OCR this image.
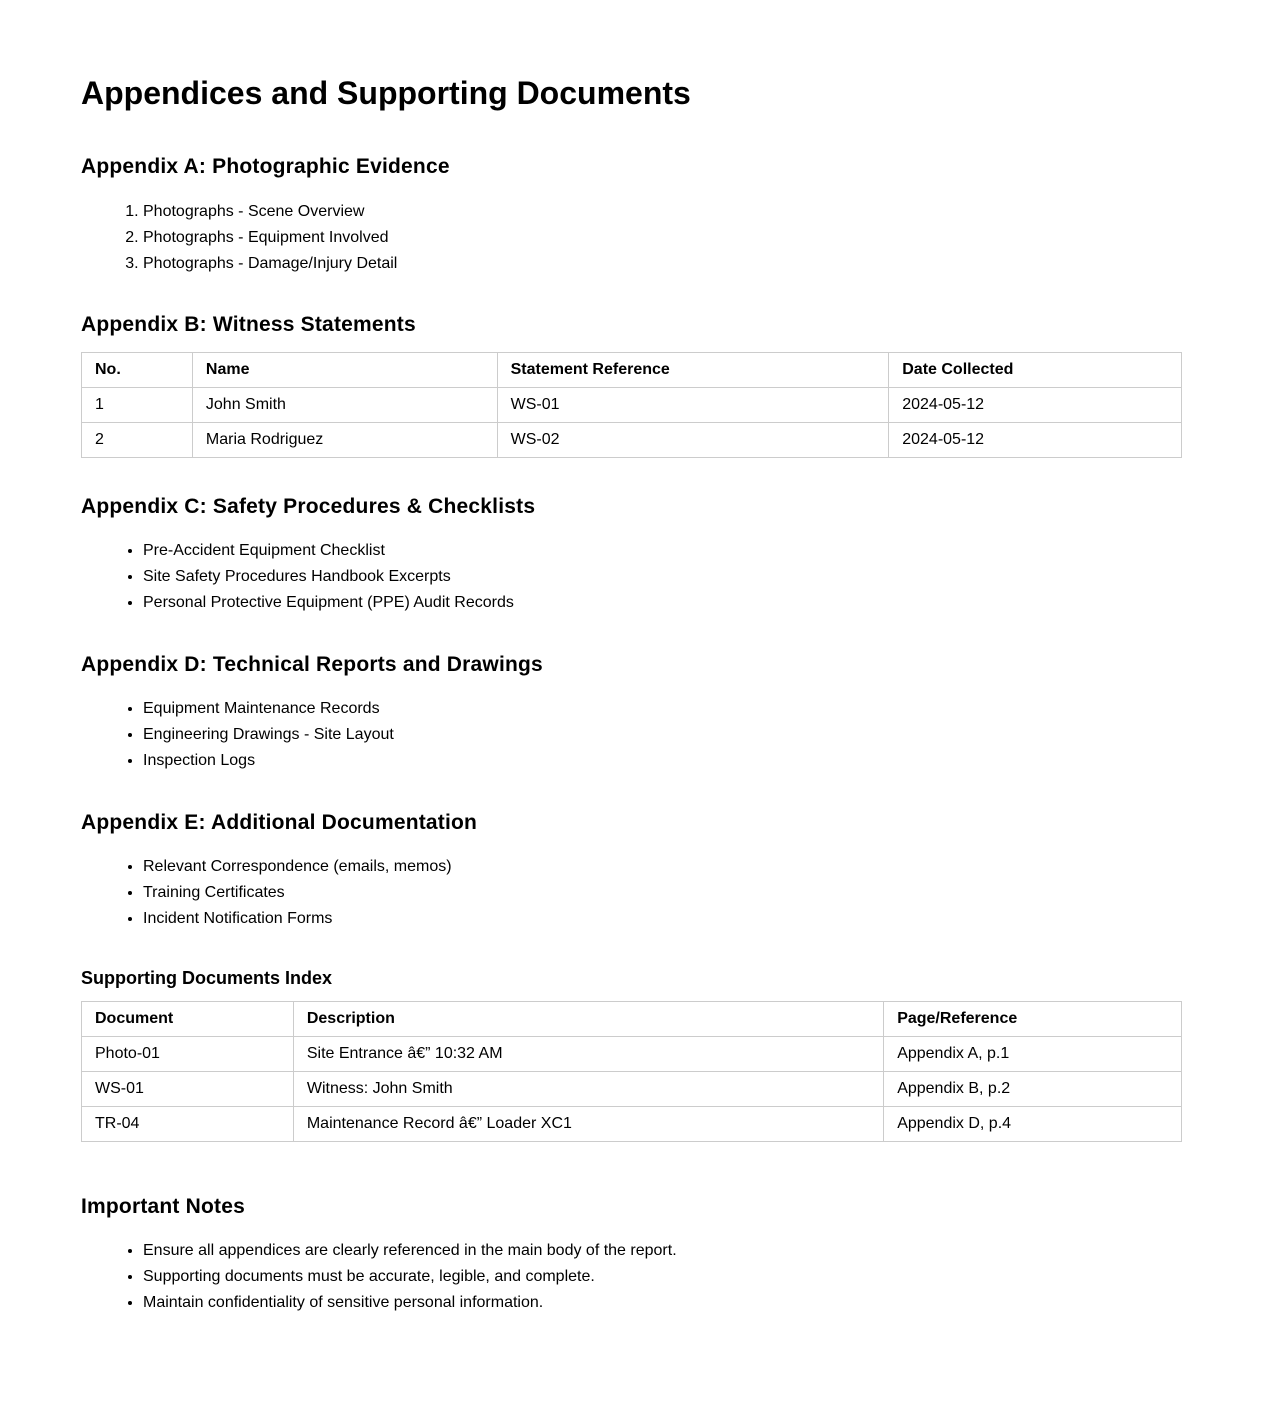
Appendices and Supporting Documents
Appendix A: Photographic Evidence
1. Photographs - Scene Overview
2. Photographs - Equipment Involved
3. Photographs - Damage/Injury Detail
Appendix B: Witness Statements
No.	Name	Statement Reference	Date Collected
1	John Smith	WS-01	2024-05-12
2	Maria Rodriguez	WS-02	2024-05-12
Appendix C: Safety Procedures & Checklists
• Pre-Accident Equipment Checklist
• Site Safety Procedures Handbook Excerpts
• Personal Protective Equipment (PPE) Audit Records
Appendix D: Technical Reports and Drawings
• Equipment Maintenance Records
• Engineering Drawings - Site Layout
• Inspection Logs
Appendix E: Additional Documentation
• Relevant Correspondence (emails, memos)
• Training Certificates
• Incident Notification Forms
Supporting Documents Index
Document	Description	Page/Reference
Photo-01	Site Entrance â€” 10:32 AM	Appendix A, p.1
WS-01	Witness: John Smith	Appendix B, p.2
TR-04	Maintenance Record â€” Loader XC1	Appendix D, p.4
Important Notes
• Ensure all appendices are clearly referenced in the main body of the report.
• Supporting documents must be accurate, legible, and complete.
• Maintain confidentiality of sensitive personal information.
